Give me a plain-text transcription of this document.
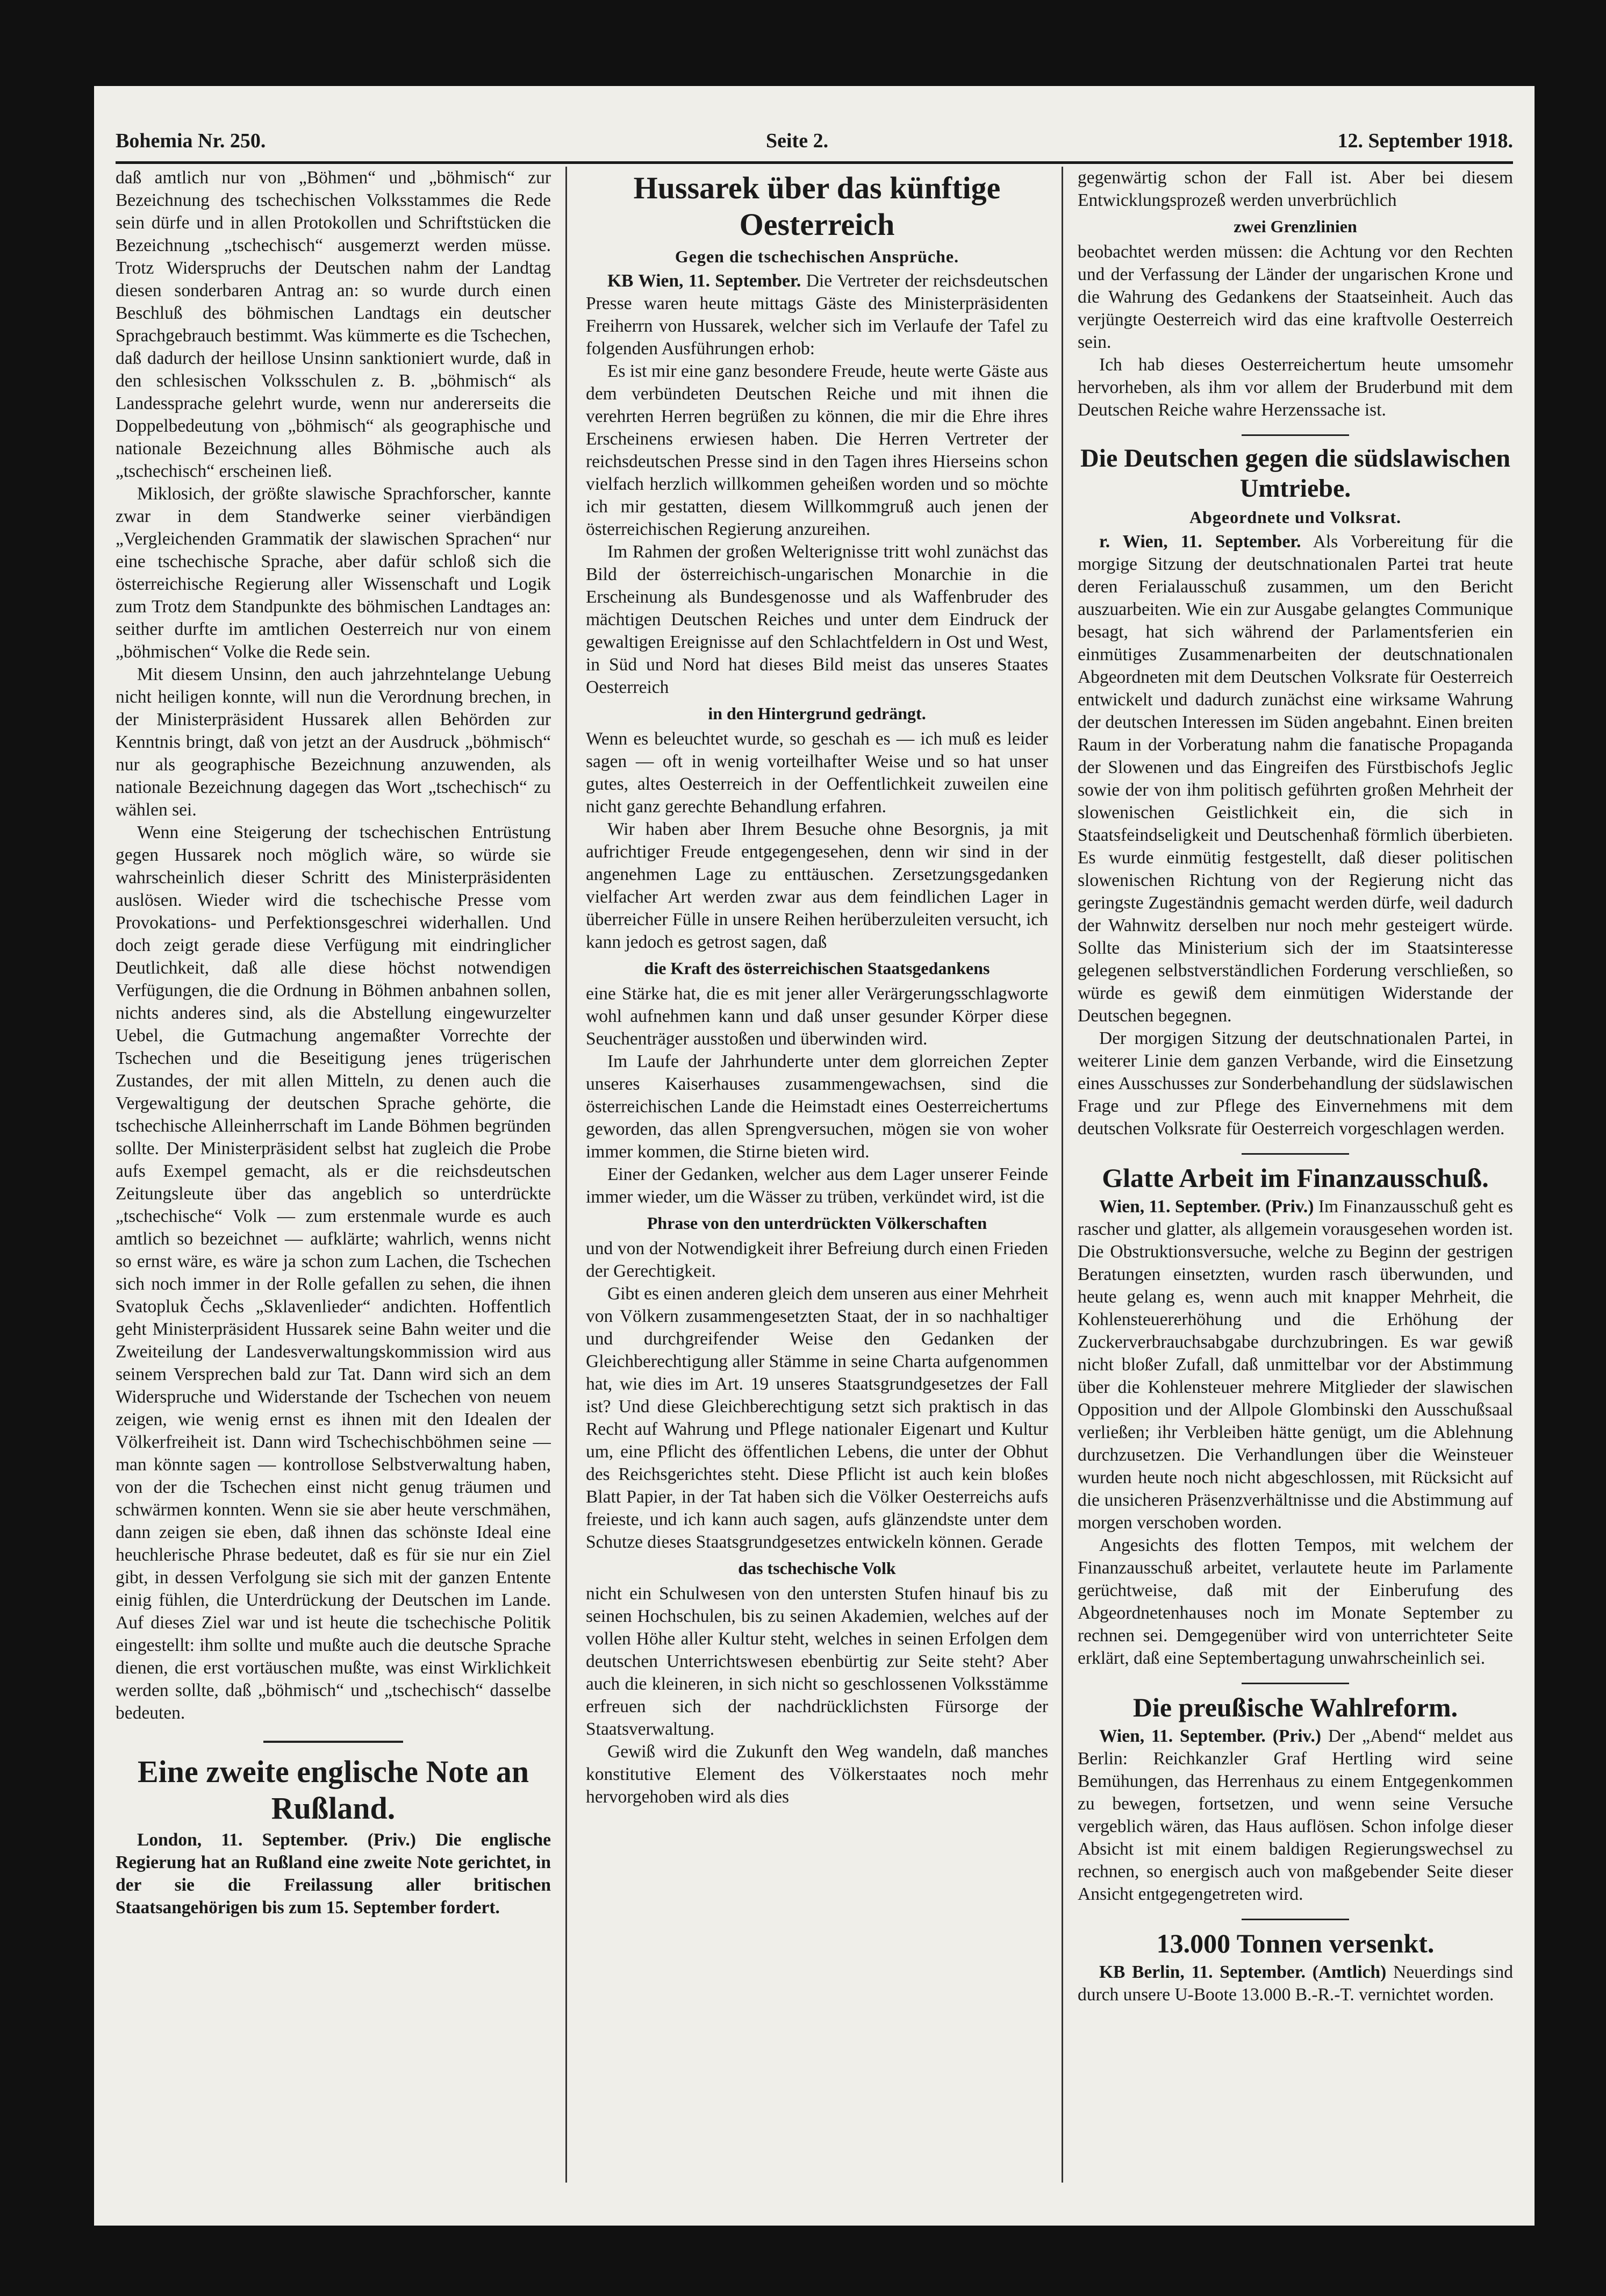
Bohemia Nr. 250.	Seite 2.	12. September 1918.

daß amtlich nur von „Böhmen“ und „böhmisch“ zur Bezeichnung des tschechischen Volksstammes die Rede sein dürfe und in allen Protokollen und Schriftstücken die Bezeichnung „tschechisch“ ausgemerzt werden müsse. Trotz Widerspruchs der Deutschen nahm der Landtag diesen sonderbaren Antrag an: so wurde durch einen Beschluß des böhmischen Landtags ein deutscher Sprachgebrauch bestimmt. Was kümmerte es die Tschechen, daß dadurch der heillose Unsinn sanktioniert wurde, daß in den schlesischen Volksschulen z. B. „böhmisch“ als Landessprache gelehrt wurde, wenn nur andererseits die Doppelbedeutung von „böhmisch“ als geographische und nationale Bezeichnung alles Böhmische auch als „tschechisch“ erscheinen ließ.

Miklosich, der größte slawische Sprachforscher, kannte zwar in dem Standwerke seiner vierbändigen „Vergleichenden Grammatik der slawischen Sprachen“ nur eine tschechische Sprache, aber dafür schloß sich die österreichische Regierung aller Wissenschaft und Logik zum Trotz dem Standpunkte des böhmischen Landtages an: seither durfte im amtlichen Oesterreich nur von einem „böhmischen“ Volke die Rede sein.

Mit diesem Unsinn, den auch jahrzehntelange Uebung nicht heiligen konnte, will nun die Verordnung brechen, in der Ministerpräsident Hussarek allen Behörden zur Kenntnis bringt, daß von jetzt an der Ausdruck „böhmisch“ nur als geographische Bezeichnung anzuwenden, als nationale Bezeichnung dagegen das Wort „tschechisch“ zu wählen sei.

Wenn eine Steigerung der tschechischen Entrüstung gegen Hussarek noch möglich wäre, so würde sie wahrscheinlich dieser Schritt des Ministerpräsidenten auslösen. Wieder wird die tschechische Presse vom Provokations- und Perfektionsgeschrei widerhallen. Und doch zeigt gerade diese Verfügung mit eindringlicher Deutlichkeit, daß alle diese höchst notwendigen Verfügungen, die die Ordnung in Böhmen anbahnen sollen, nichts anderes sind, als die Abstellung eingewurzelter Uebel, die Gutmachung angemaßter Vorrechte der Tschechen und die Beseitigung jenes trügerischen Zustandes, der mit allen Mitteln, zu denen auch die Vergewaltigung der deutschen Sprache gehörte, die tschechische Alleinherrschaft im Lande Böhmen begründen sollte. Der Ministerpräsident selbst hat zugleich die Probe aufs Exempel gemacht, als er die reichsdeutschen Zeitungsleute über das angeblich so unterdrückte „tschechische“ Volk — zum erstenmale wurde es auch amtlich so bezeichnet — aufklärte; wahrlich, wenns nicht so ernst wäre, es wäre ja schon zum Lachen, die Tschechen sich noch immer in der Rolle gefallen zu sehen, die ihnen Svatopluk Čechs „Sklavenlieder“ andichten. Hoffentlich geht Ministerpräsident Hussarek seine Bahn weiter und die Zweiteilung der Landesverwaltungskommission wird aus seinem Versprechen bald zur Tat. Dann wird sich an dem Widerspruche und Widerstande der Tschechen von neuem zeigen, wie wenig ernst es ihnen mit den Idealen der Völkerfreiheit ist. Dann wird Tschechischböhmen seine — man könnte sagen — kontrollose Selbstverwaltung haben, von der die Tschechen einst nicht genug träumen und schwärmen konnten. Wenn sie sie aber heute verschmähen, dann zeigen sie eben, daß ihnen das schönste Ideal eine heuchlerische Phrase bedeutet, daß es für sie nur ein Ziel gibt, in dessen Verfolgung sie sich mit der ganzen Entente einig fühlen, die Unterdrückung der Deutschen im Lande. Auf dieses Ziel war und ist heute die tschechische Politik eingestellt: ihm sollte und mußte auch die deutsche Sprache dienen, die erst vortäuschen mußte, was einst Wirklichkeit werden sollte, daß „böhmisch“ und „tschechisch“ dasselbe bedeuten.

Eine zweite englische Note an Rußland.

London, 11. September. (Priv.) Die englische Regierung hat an Rußland eine zweite Note gerichtet, in der sie die Freilassung aller britischen Staatsangehörigen bis zum 15. September fordert.

Hussarek über das künftige Oesterreich
Gegen die tschechischen Ansprüche.

KB Wien, 11. September. Die Vertreter der reichsdeutschen Presse waren heute mittags Gäste des Ministerpräsidenten Freiherrn von Hussarek, welcher sich im Verlaufe der Tafel zu folgenden Ausführungen erhob:

Es ist mir eine ganz besondere Freude, heute werte Gäste aus dem verbündeten Deutschen Reiche und mit ihnen die verehrten Herren begrüßen zu können, die mir die Ehre ihres Erscheinens erwiesen haben. Die Herren Vertreter der reichsdeutschen Presse sind in den Tagen ihres Hierseins schon vielfach herzlich willkommen geheißen worden und so möchte ich mir gestatten, diesem Willkommgruß auch jenen der österreichischen Regierung anzureihen.

Im Rahmen der großen Welterignisse tritt wohl zunächst das Bild der österreichisch-ungarischen Monarchie in die Erscheinung als Bundesgenosse und als Waffenbruder des mächtigen Deutschen Reiches und unter dem Eindruck der gewaltigen Ereignisse auf den Schlachtfeldern in Ost und West, in Süd und Nord hat dieses Bild meist das unseres Staates Oesterreich

in den Hintergrund gedrängt.

Wenn es beleuchtet wurde, so geschah es — ich muß es leider sagen — oft in wenig vorteilhafter Weise und so hat unser gutes, altes Oesterreich in der Oeffentlichkeit zuweilen eine nicht ganz gerechte Behandlung erfahren.

Wir haben aber Ihrem Besuche ohne Besorgnis, ja mit aufrichtiger Freude entgegengesehen, denn wir sind in der angenehmen Lage zu enttäuschen. Zersetzungsgedanken vielfacher Art werden zwar aus dem feindlichen Lager in überreicher Fülle in unsere Reihen herüberzuleiten versucht, ich kann jedoch es getrost sagen, daß

die Kraft des österreichischen Staatsgedankens

eine Stärke hat, die es mit jener aller Verärgerungsschlagworte wohl aufnehmen kann und daß unser gesunder Körper diese Seuchenträger ausstoßen und überwinden wird.

Im Laufe der Jahrhunderte unter dem glorreichen Zepter unseres Kaiserhauses zusammengewachsen, sind die österreichischen Lande die Heimstadt eines Oesterreichertums geworden, das allen Sprengversuchen, mögen sie von woher immer kommen, die Stirne bieten wird.

Einer der Gedanken, welcher aus dem Lager unserer Feinde immer wieder, um die Wässer zu trüben, verkündet wird, ist die

Phrase von den unterdrückten Völkerschaften

und von der Notwendigkeit ihrer Befreiung durch einen Frieden der Gerechtigkeit.

Gibt es einen anderen gleich dem unseren aus einer Mehrheit von Völkern zusammengesetzten Staat, der in so nachhaltiger und durchgreifender Weise den Gedanken der Gleichberechtigung aller Stämme in seine Charta aufgenommen hat, wie dies im Art. 19 unseres Staatsgrundgesetzes der Fall ist? Und diese Gleichberechtigung setzt sich praktisch in das Recht auf Wahrung und Pflege nationaler Eigenart und Kultur um, eine Pflicht des öffentlichen Lebens, die unter der Obhut des Reichsgerichtes steht. Diese Pflicht ist auch kein bloßes Blatt Papier, in der Tat haben sich die Völker Oesterreichs aufs freieste, und ich kann auch sagen, aufs glänzendste unter dem Schutze dieses Staatsgrundgesetzes entwickeln können. Gerade

das tschechische Volk

nicht ein Schulwesen von den untersten Stufen hinauf bis zu seinen Hochschulen, bis zu seinen Akademien, welches auf der vollen Höhe aller Kultur steht, welches in seinen Erfolgen dem deutschen Unterrichtswesen ebenbürtig zur Seite steht? Aber auch die kleineren, in sich nicht so geschlossenen Volksstämme erfreuen sich der nachdrücklichsten Fürsorge der Staatsverwaltung.

Gewiß wird die Zukunft den Weg wandeln, daß manches konstitutive Element des Völkerstaates noch mehr hervorgehoben wird als dies

gegenwärtig schon der Fall ist. Aber bei diesem Entwicklungsprozeß werden unverbrüchlich

zwei Grenzlinien

beobachtet werden müssen: die Achtung vor den Rechten und der Verfassung der Länder der ungarischen Krone und die Wahrung des Gedankens der Staatseinheit. Auch das verjüngte Oesterreich wird das eine kraftvolle Oesterreich sein.

Ich hab dieses Oesterreichertum heute umsomehr hervorheben, als ihm vor allem der Bruderbund mit dem Deutschen Reiche wahre Herzenssache ist.

Die Deutschen gegen die südslawischen Umtriebe.
Abgeordnete und Volksrat.

r. Wien, 11. September. Als Vorbereitung für die morgige Sitzung der deutschnationalen Partei trat heute deren Ferialausschuß zusammen, um den Bericht auszuarbeiten. Wie ein zur Ausgabe gelangtes Communique besagt, hat sich während der Parlamentsferien ein einmütiges Zusammenarbeiten der deutschnationalen Abgeordneten mit dem Deutschen Volksrate für Oesterreich entwickelt und dadurch zunächst eine wirksame Wahrung der deutschen Interessen im Süden angebahnt. Einen breiten Raum in der Vorberatung nahm die fanatische Propaganda der Slowenen und das Eingreifen des Fürstbischofs Jeglic sowie der von ihm politisch geführten großen Mehrheit der slowenischen Geistlichkeit ein, die sich in Staatsfeindseligkeit und Deutschenhaß förmlich überbieten. Es wurde einmütig festgestellt, daß dieser politischen slowenischen Richtung von der Regierung nicht das geringste Zugeständnis gemacht werden dürfe, weil dadurch der Wahnwitz derselben nur noch mehr gesteigert würde. Sollte das Ministerium sich der im Staatsinteresse gelegenen selbstverständlichen Forderung verschließen, so würde es gewiß dem einmütigen Widerstande der Deutschen begegnen.

Der morgigen Sitzung der deutschnationalen Partei, in weiterer Linie dem ganzen Verbande, wird die Einsetzung eines Ausschusses zur Sonderbehandlung der südslawischen Frage und zur Pflege des Einvernehmens mit dem deutschen Volksrate für Oesterreich vorgeschlagen werden.

Glatte Arbeit im Finanzausschuß.

Wien, 11. September. (Priv.) Im Finanzausschuß geht es rascher und glatter, als allgemein vorausgesehen worden ist. Die Obstruktionsversuche, welche zu Beginn der gestrigen Beratungen einsetzten, wurden rasch überwunden, und heute gelang es, wenn auch mit knapper Mehrheit, die Kohlensteuererhöhung und die Erhöhung der Zuckerverbrauchsabgabe durchzubringen. Es war gewiß nicht bloßer Zufall, daß unmittelbar vor der Abstimmung über die Kohlensteuer mehrere Mitglieder der slawischen Opposition und der Allpole Glombinski den Ausschußsaal verließen; ihr Verbleiben hätte genügt, um die Ablehnung durchzusetzen. Die Verhandlungen über die Weinsteuer wurden heute noch nicht abgeschlossen, mit Rücksicht auf die unsicheren Präsenzverhältnisse und die Abstimmung auf morgen verschoben worden.

Angesichts des flotten Tempos, mit welchem der Finanzausschuß arbeitet, verlautete heute im Parlamente gerüchtweise, daß mit der Einberufung des Abgeordnetenhauses noch im Monate September zu rechnen sei. Demgegenüber wird von unterrichteter Seite erklärt, daß eine Septembertagung unwahrscheinlich sei.

Die preußische Wahlreform.

Wien, 11. September. (Priv.) Der „Abend“ meldet aus Berlin: Reichkanzler Graf Hertling wird seine Bemühungen, das Herrenhaus zu einem Entgegenkommen zu bewegen, fortsetzen, und wenn seine Versuche vergeblich wären, das Haus auflösen. Schon infolge dieser Absicht ist mit einem baldigen Regierungswechsel zu rechnen, so energisch auch von maßgebender Seite dieser Ansicht entgegengetreten wird.

13.000 Tonnen versenkt.

KB Berlin, 11. September. (Amtlich) Neuerdings sind durch unsere U-Boote 13.000 B.-R.-T. vernichtet worden.
